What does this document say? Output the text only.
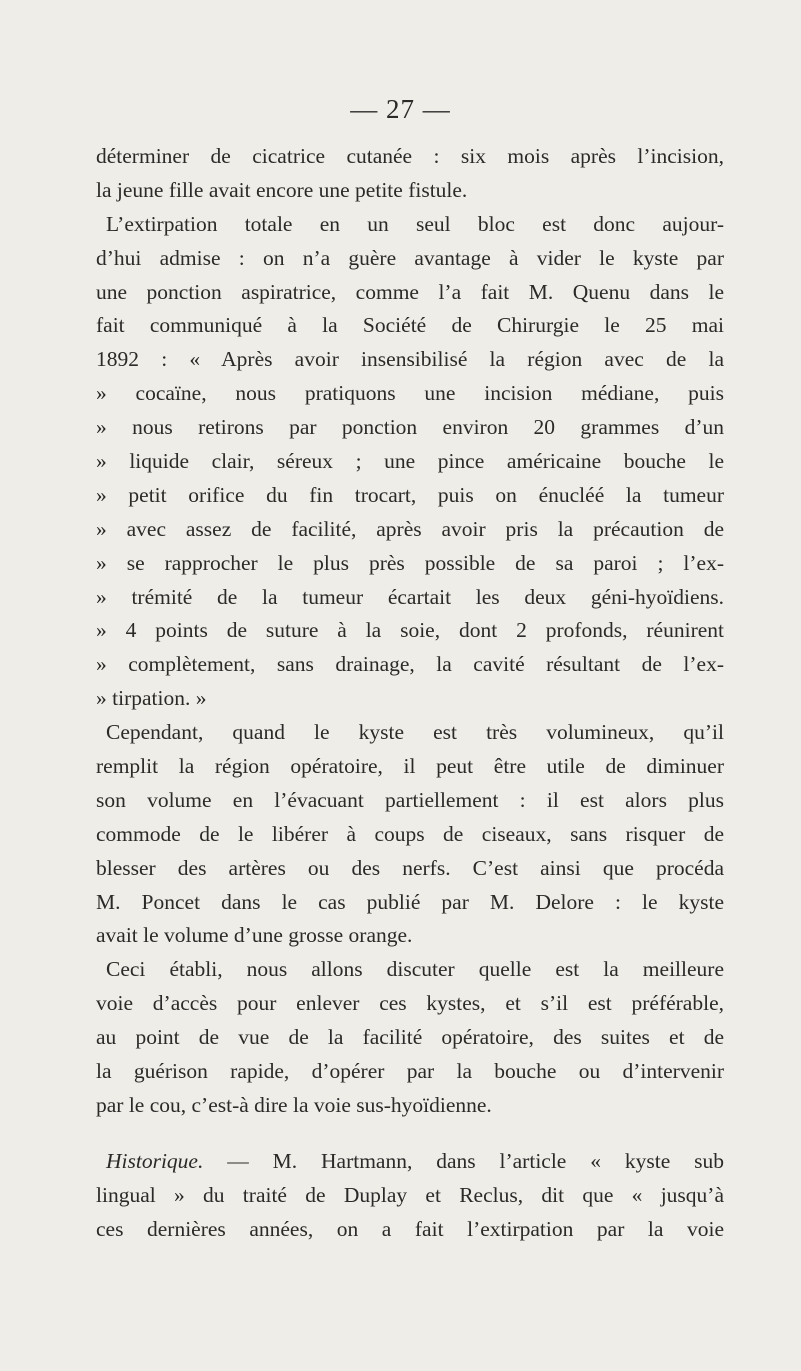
— 27 —
déterminer de cicatrice cutanée : six mois après l’incision,
la jeune fille avait encore une petite fistule.
L’extirpation totale en un seul bloc est donc aujour-
d’hui admise : on n’a guère avantage à vider le kyste par
une ponction aspiratrice, comme l’a fait M. Quenu dans le
fait communiqué à la Société de Chirurgie le 25 mai
1892 : « Après avoir insensibilisé la région avec de la
» cocaïne, nous pratiquons une incision médiane, puis
» nous retirons par ponction environ 20 grammes d’un
» liquide clair, séreux ; une pince américaine bouche le
» petit orifice du fin trocart, puis on énucléé la tumeur
» avec assez de facilité, après avoir pris la précaution de
» se rapprocher le plus près possible de sa paroi ; l’ex-
» trémité de la tumeur écartait les deux géni-hyoïdiens.
» 4 points de suture à la soie, dont 2 profonds, réunirent
» complètement, sans drainage, la cavité résultant de l’ex-
» tirpation. »
Cependant, quand le kyste est très volumineux, qu’il
remplit la région opératoire, il peut être utile de diminuer
son volume en l’évacuant partiellement : il est alors plus
commode de le libérer à coups de ciseaux, sans risquer de
blesser des artères ou des nerfs. C’est ainsi que procéda
M. Poncet dans le cas publié par M. Delore : le kyste
avait le volume d’une grosse orange.
Ceci établi, nous allons discuter quelle est la meilleure
voie d’accès pour enlever ces kystes, et s’il est préférable,
au point de vue de la facilité opératoire, des suites et de
la guérison rapide, d’opérer par la bouche ou d’intervenir
par le cou, c’est-à dire la voie sus-hyoïdienne.
Historique. — M. Hartmann, dans l’article « kyste sub
lingual » du traité de Duplay et Reclus, dit que « jusqu’à
ces dernières années, on a fait l’extirpation par la voie
